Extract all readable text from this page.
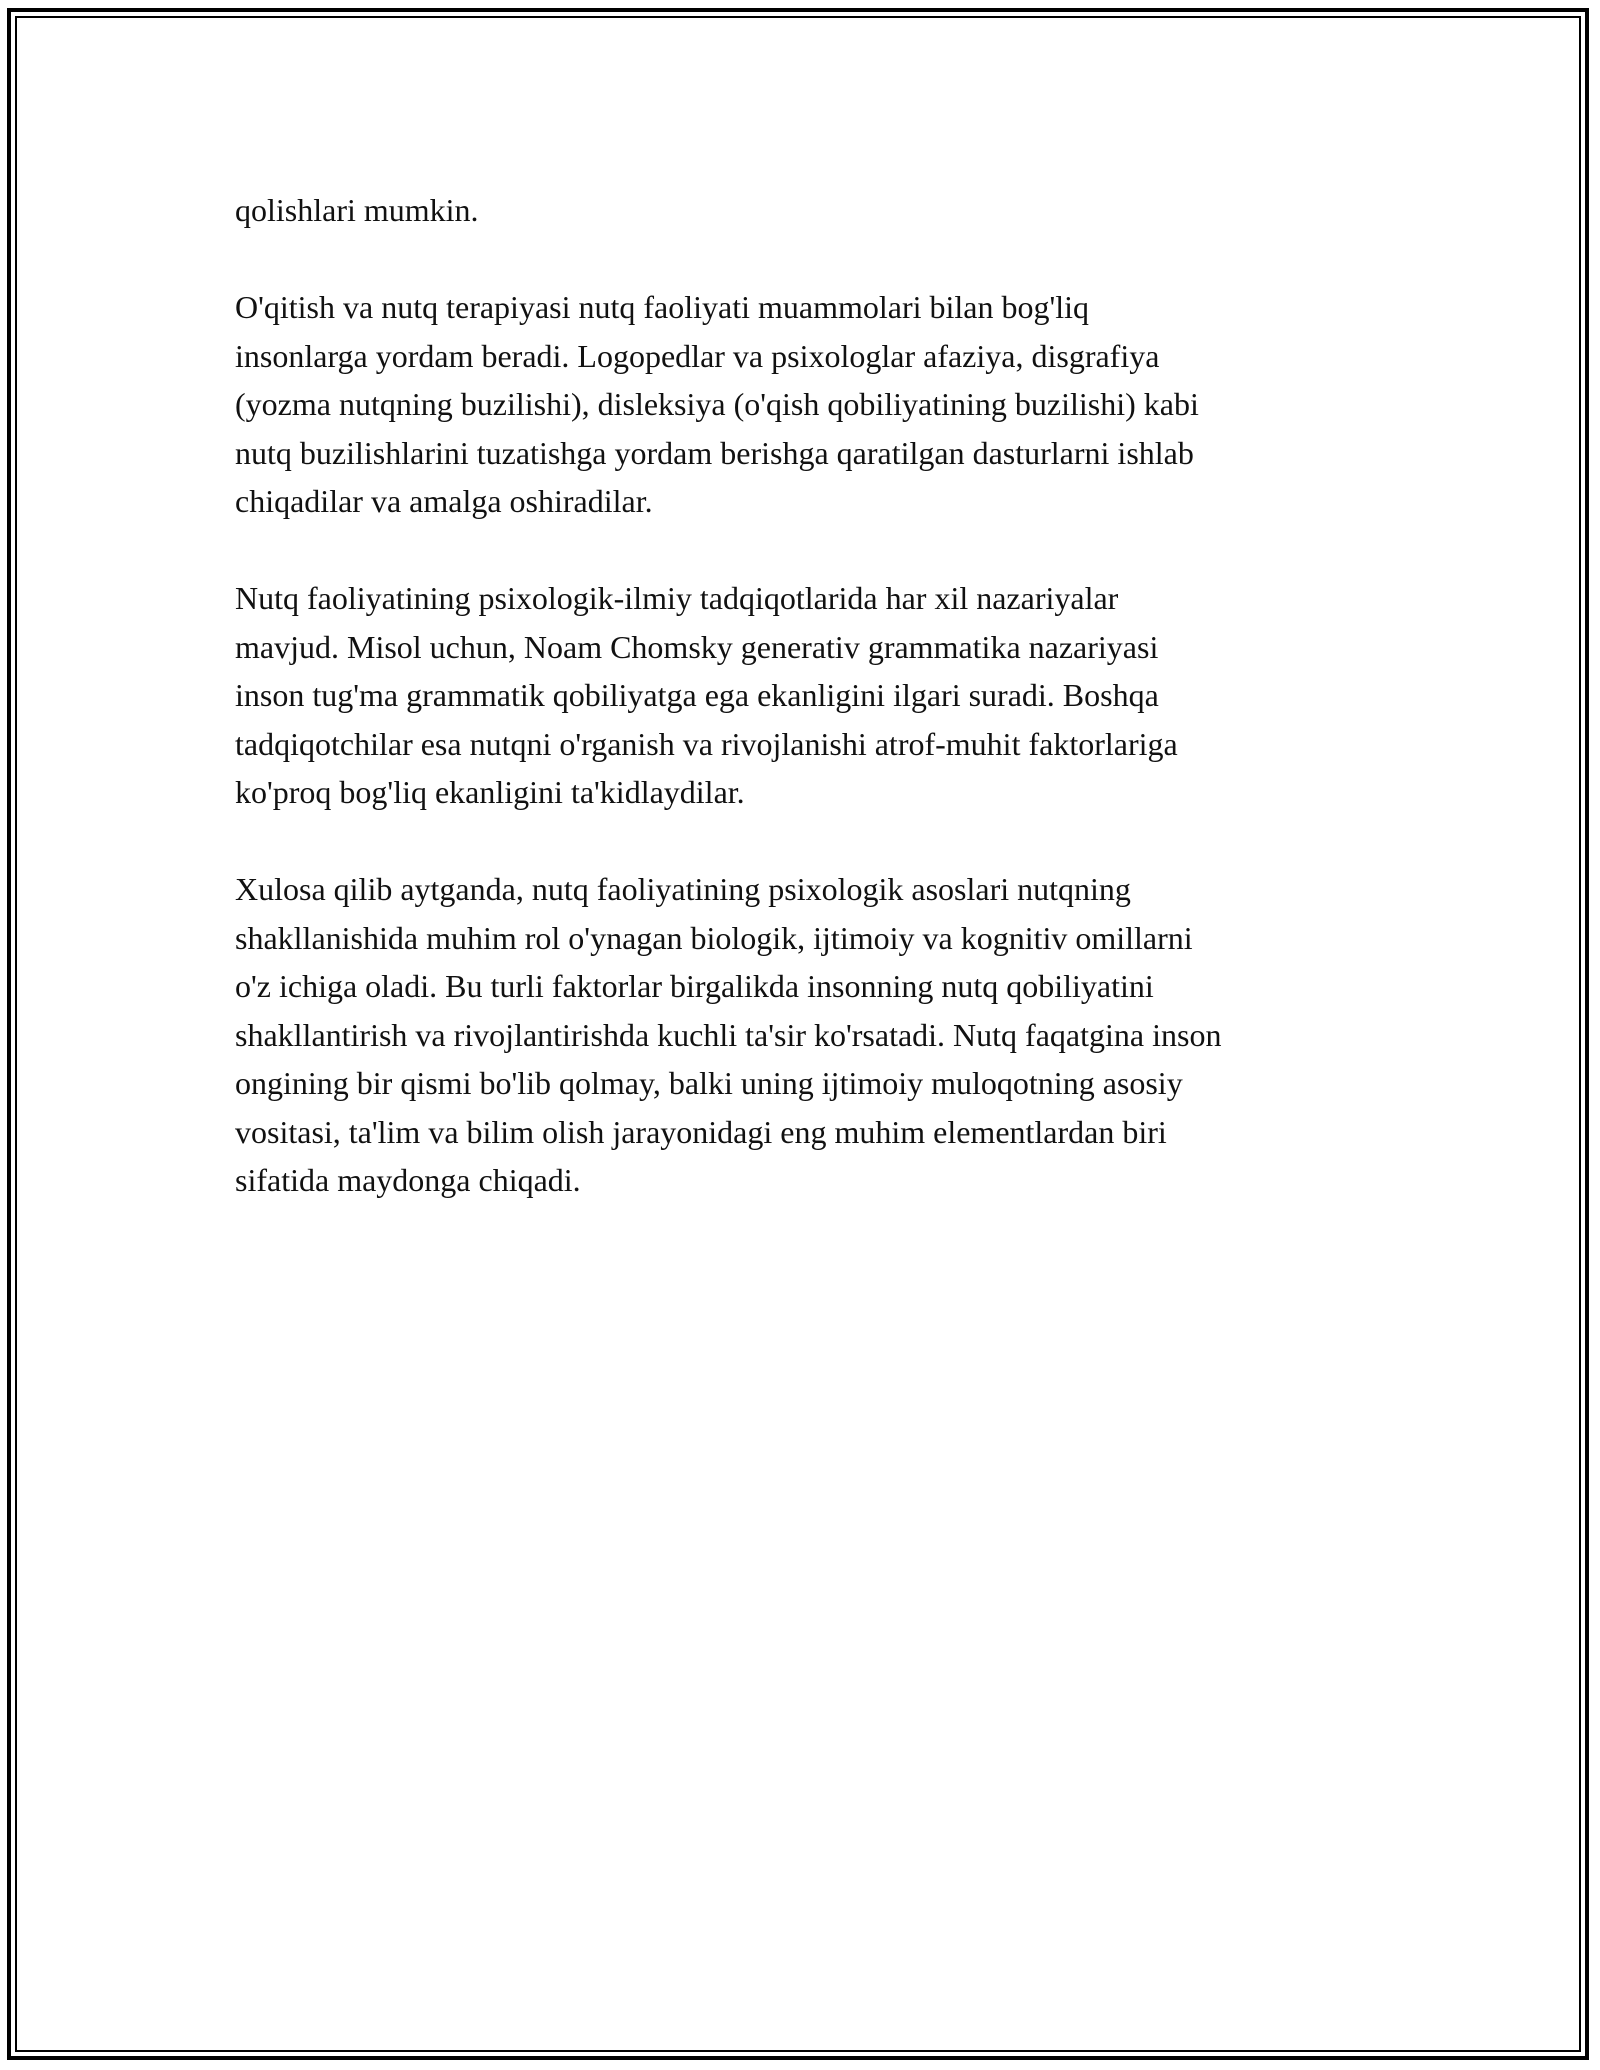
qolishlari mumkin.

O'qitish va nutq terapiyasi nutq faoliyati muammolari bilan bog'liq
insonlarga yordam beradi. Logopedlar va psixologlar afaziya, disgrafiya
(yozma nutqning buzilishi), disleksiya (o'qish qobiliyatining buzilishi) kabi
nutq buzilishlarini tuzatishga yordam berishga qaratilgan dasturlarni ishlab
chiqadilar va amalga oshiradilar.

Nutq faoliyatining psixologik-ilmiy tadqiqotlarida har xil nazariyalar
mavjud. Misol uchun, Noam Chomsky generativ grammatika nazariyasi
inson tug'ma grammatik qobiliyatga ega ekanligini ilgari suradi. Boshqa
tadqiqotchilar esa nutqni o'rganish va rivojlanishi atrof-muhit faktorlariga
ko'proq bog'liq ekanligini ta'kidlaydilar.

Xulosa qilib aytganda, nutq faoliyatining psixologik asoslari nutqning
shakllanishida muhim rol o'ynagan biologik, ijtimoiy va kognitiv omillarni
o'z ichiga oladi. Bu turli faktorlar birgalikda insonning nutq qobiliyatini
shakllantirish va rivojlantirishda kuchli ta'sir ko'rsatadi. Nutq faqatgina inson
ongining bir qismi bo'lib qolmay, balki uning ijtimoiy muloqotning asosiy
vositasi, ta'lim va bilim olish jarayonidagi eng muhim elementlardan biri
sifatida maydonga chiqadi.
